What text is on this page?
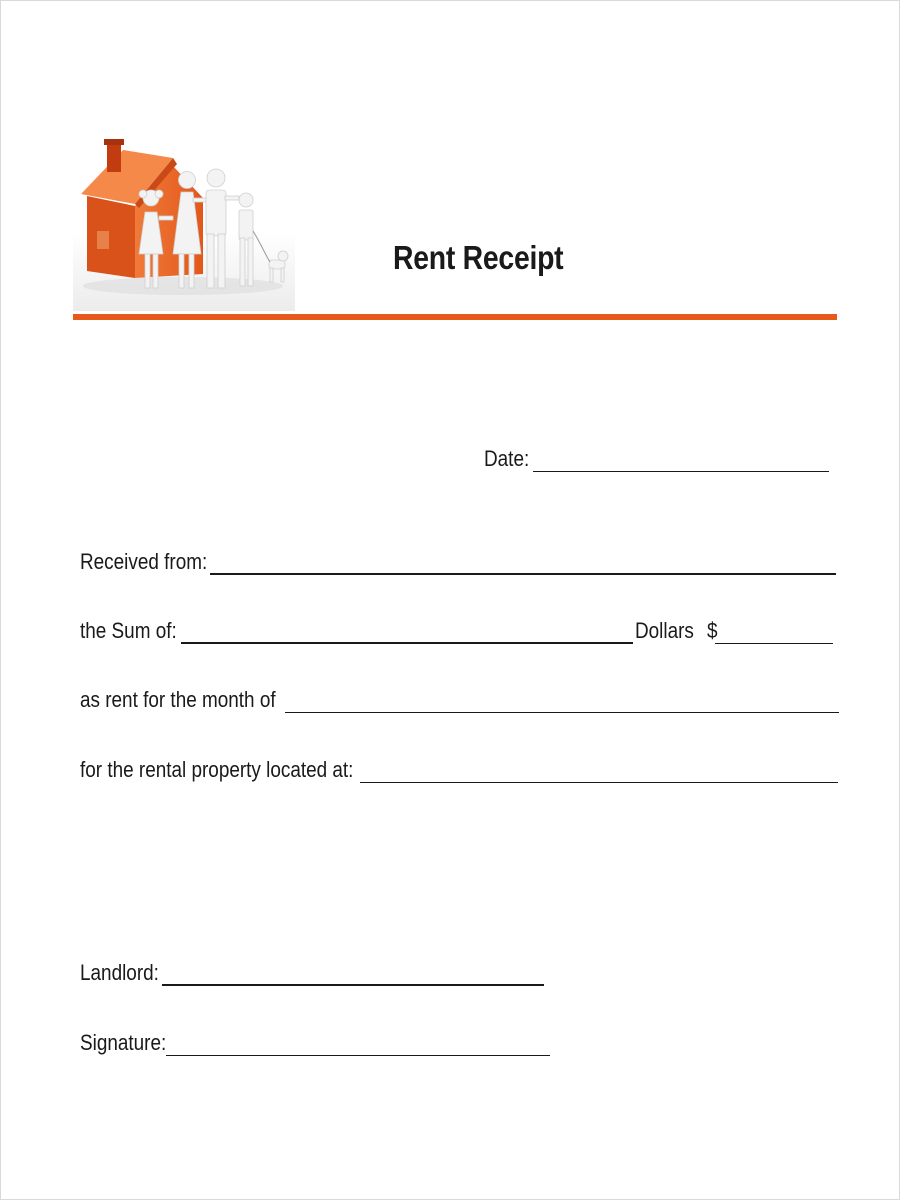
Rent Receipt
Date:
Received from:
the Sum of:	Dollars $
as rent for the month of
for the rental property located at:
Landlord:
Signature:
